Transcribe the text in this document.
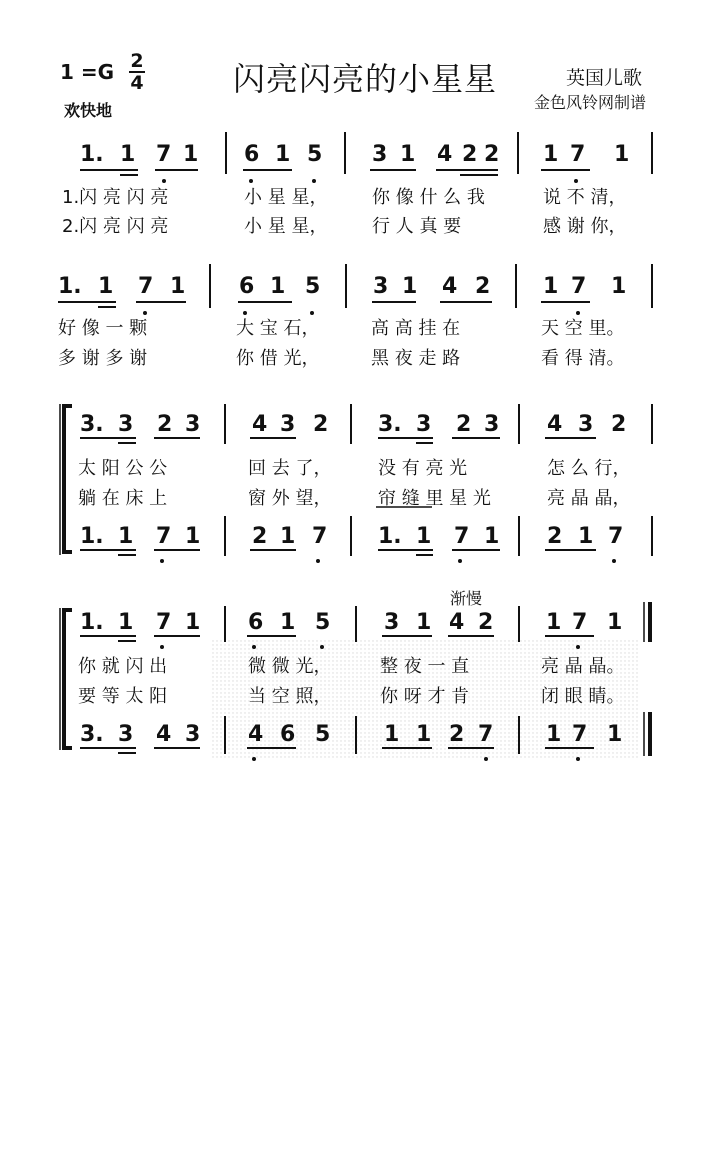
1 =G 2
4	闪亮闪亮的小星星	英国儿歌
金色风铃网制谱
欢快地
1. 1 7 1 6 1 5 3 1 4 2 2 1 7 1
1.闪 亮 闪 亮	小 星 星， 你 像 什 么 我	说 不 清，
2.闪 亮 闪 亮	小 星 星， 行 人 真 要	感 谢 你，
1. 1 7 1 6 1 5 3 1 4 2 1 7 1
好 像 一 颗	大 宝 石，	高 高 挂 在	天 空 里。
多 谢 多 谢	你 借 光，	黑 夜 走 路	看 得 清。
3. 3 2 3 4 3 2 3. 3 2 3 4 3 2
太 阳 公 公	回 去 了，	没 有 亮 光	怎 么 行，
躺 在 床 上	窗 外 望，	帘 缝 里 星 光	亮 晶 晶，
1. 1 7 1 2 1 7 1. 1 7 1 2 1 7
渐慢
1. 1 7 1 6 1 5 3 1 4 2 1 7 1
你 就 闪 出	微 微 光，	整 夜 一 直	亮 晶 晶。
要 等 太 阳	当 空 照，	你 呀 才 肯	闭 眼 睛。
3. 3 4 3 4 6 5 1 1 2 7 1 7 1
